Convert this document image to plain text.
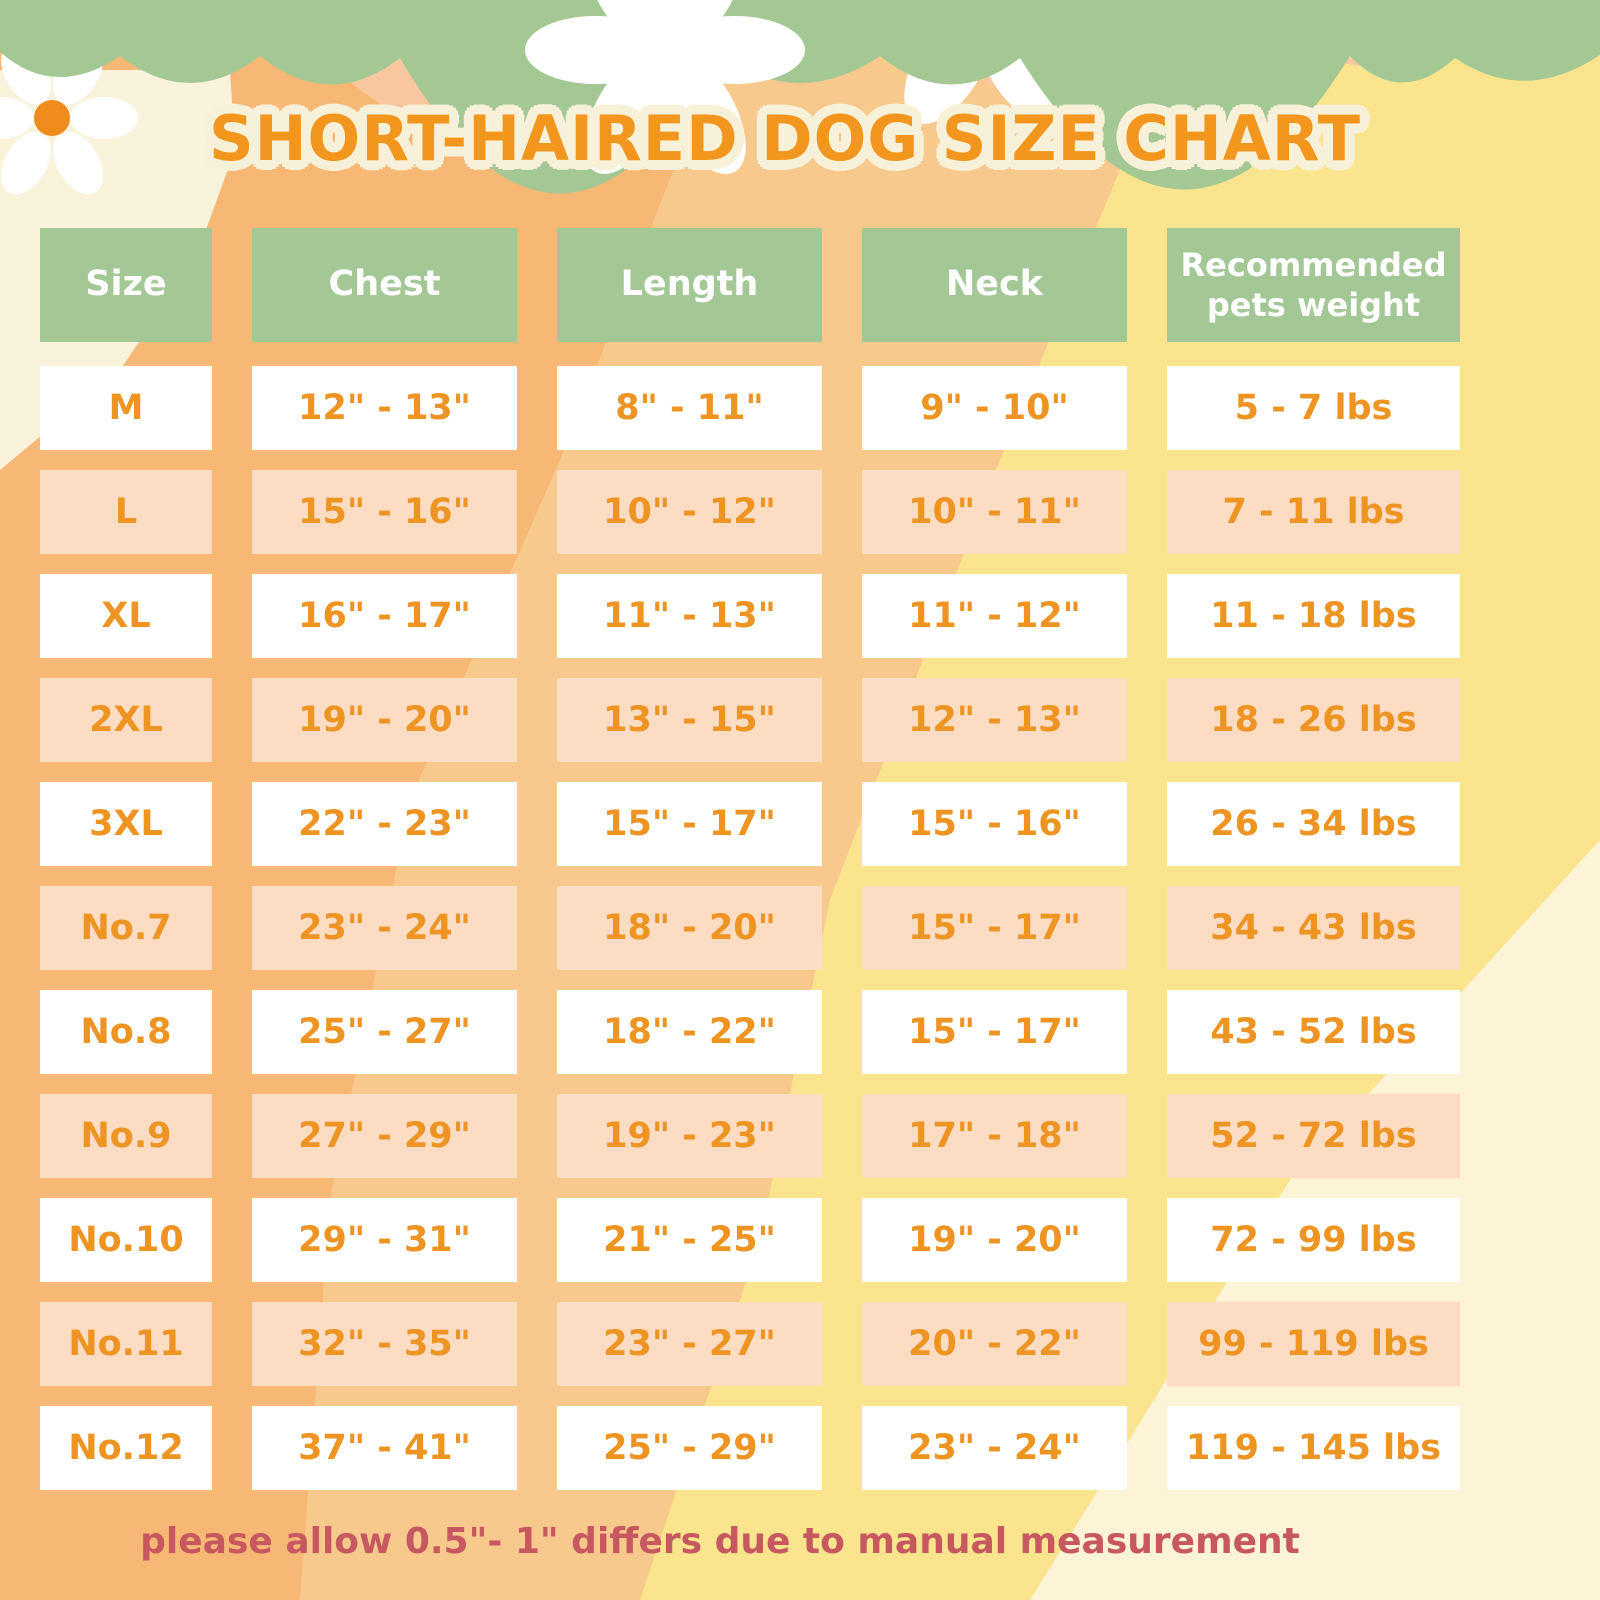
SHORT-HAIRED DOG SIZE CHART
Size	Chest	Length	Neck	Recommended pets weight
M	12" - 13"	8" - 11"	9" - 10"	5 - 7 lbs
L	15" - 16"	10" - 12"	10" - 11"	7 - 11 lbs
XL	16" - 17"	11" - 13"	11" - 12"	11 - 18 lbs
2XL	19" - 20"	13" - 15"	12" - 13"	18 - 26 lbs
3XL	22" - 23"	15" - 17"	15" - 16"	26 - 34 lbs
No.7	23" - 24"	18" - 20"	15" - 17"	34 - 43 lbs
No.8	25" - 27"	18" - 22"	15" - 17"	43 - 52 lbs
No.9	27" - 29"	19" - 23"	17" - 18"	52 - 72 lbs
No.10	29" - 31"	21" - 25"	19" - 20"	72 - 99 lbs
No.11	32" - 35"	23" - 27"	20" - 22"	99 - 119 lbs
No.12	37" - 41"	25" - 29"	23" - 24"	119 - 145 lbs
please allow 0.5"- 1" differs due to manual measurement
